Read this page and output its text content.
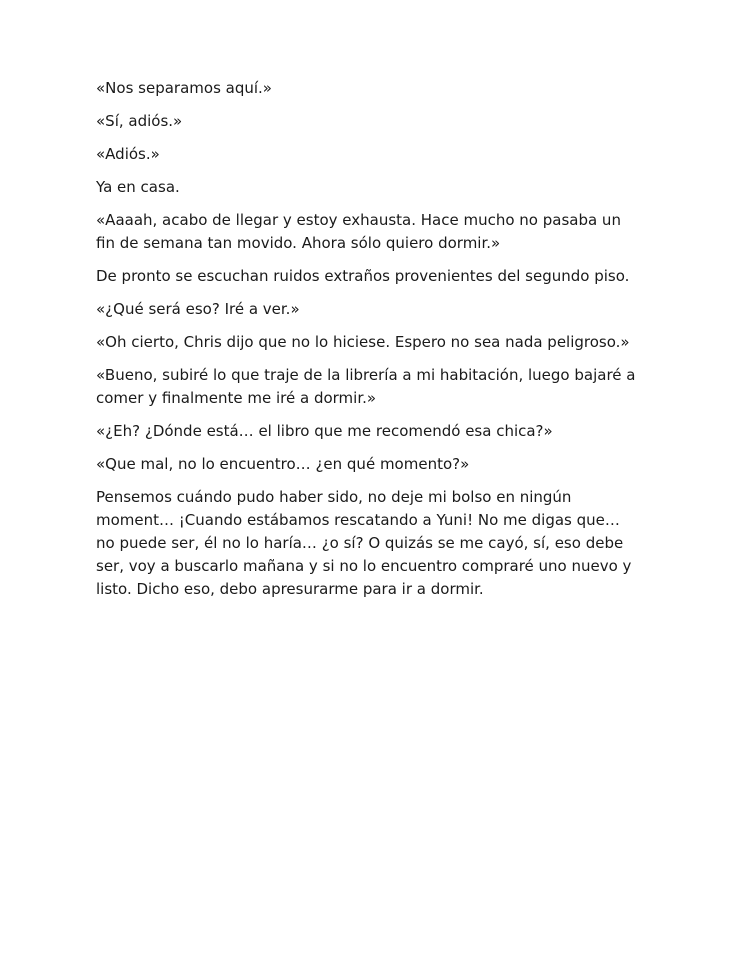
«Nos separamos aquí.»

«Sí, adiós.»

«Adiós.»

Ya en casa.

«Aaaah, acabo de llegar y estoy exhausta. Hace mucho no pasaba un fin de semana tan movido. Ahora sólo quiero dormir.»

De pronto se escuchan ruidos extraños provenientes del segundo piso.

«¿Qué será eso? Iré a ver.»

«Oh cierto, Chris dijo que no lo hiciese. Espero no sea nada peligroso.»

«Bueno, subiré lo que traje de la librería a mi habitación, luego bajaré a comer y finalmente me iré a dormir.»

«¿Eh? ¿Dónde está… el libro que me recomendó esa chica?»

«Que mal, no lo encuentro… ¿en qué momento?»

Pensemos cuándo pudo haber sido, no deje mi bolso en ningún moment… ¡Cuando estábamos rescatando a Yuni! No me digas que… no puede ser, él no lo haría… ¿o sí? O quizás se me cayó, sí, eso debe ser, voy a buscarlo mañana y si no lo encuentro compraré uno nuevo y listo. Dicho eso, debo apresurarme para ir a dormir.
